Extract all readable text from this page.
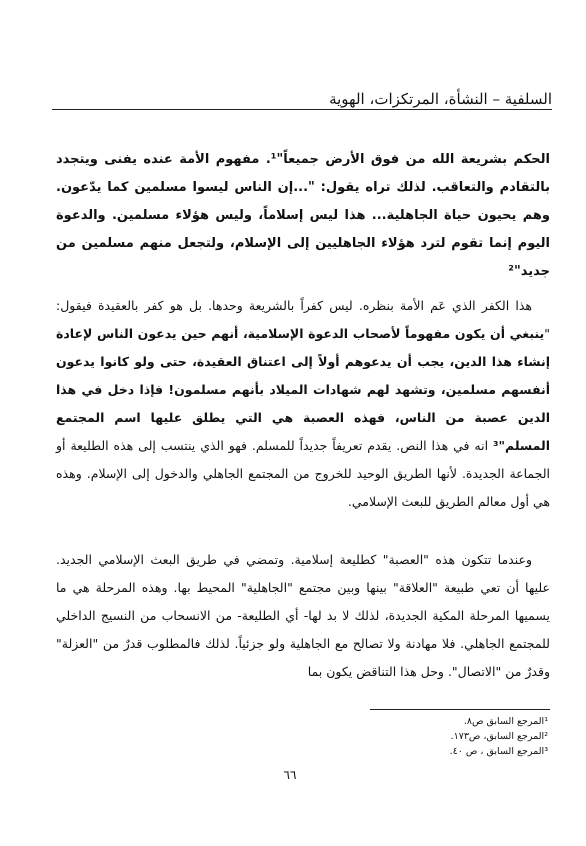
السلفية – النشأة، المرتكزات، الهوية
الحكم بشريعة الله من فوق الأرض جميعاً"¹. مفهوم الأمة عنده يفنى ويتجدد بالتقادم والتعاقب. لذلك تراه يقول: "...إن الناس ليسوا مسلمين كما يدّعون. وهم يحيون حياة الجاهلية... هذا ليس إسلاماً، وليس هؤلاء مسلمين. والدعوة اليوم إنما تقوم لترد هؤلاء الجاهليين إلى الإسلام، ولتجعل منهم مسلمين من جديد"²
هذا الكفر الذي عَم الأمة بنظره. ليس كفراً بالشريعة وحدها. بل هو كفر بالعقيدة فيقول: "ينبغي أن يكون مفهوماً لأصحاب الدعوة الإسلامية، أنهم حين يدعون الناس لإعادة إنشاء هذا الدين، يجب أن يدعوهم أولاً إلى اعتناق العقيدة، حتى ولو كانوا يدعون أنفسهم مسلمين، وتشهد لهم شهادات الميلاد بأنهم مسلمون! فإذا دخل في هذا الدين عصبة من الناس، فهذه العصبة هي التي يطلق عليها اسم المجتمع المسلم"³ انه في هذا النص. يقدم تعريفاً جديداً للمسلم. فهو الذي ينتسب إلى هذه الطليعة أو الجماعة الجديدة. لأنها الطريق الوحيد للخروج من المجتمع الجاهلي والدخول إلى الإسلام. وهذه هي أول معالم الطريق للبعث الإسلامي.
وعندما تتكون هذه "العصبة" كطليعة إسلامية. وتمضي في طريق البعث الإسلامي الجديد. عليها أن تعي طبيعة "العلاقة" بينها وبين مجتمع "الجاهلية" المحيط بها. وهذه المرحلة هي ما يسميها المرحلة المكية الجديدة، لذلك لا بد لها- أي الطليعة- من الانسحاب من النسيج الداخلي للمجتمع الجاهلي. فلا مهادنة ولا تصالح مع الجاهلية ولو جزئياً. لذلك فالمطلوب قدرٌ من "العزلة" وقدرٌ من "الاتصال". وحل هذا التناقض يكون بما
¹المرجع السابق ص٨.
²المرجع السابق، ص١٧٣.
³المرجع السابق ، ص ٤٠.
٦٦
